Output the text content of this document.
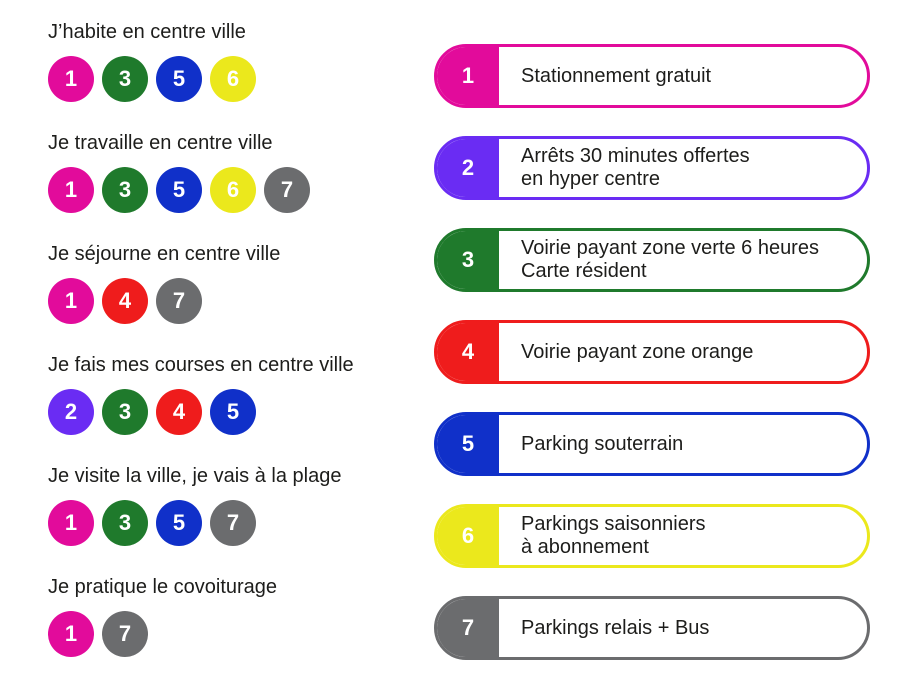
J’habite en centre ville

1	3	5	6

Je travaille en centre ville

1	3	5	6	7

Je séjourne en centre ville

1	4	7

Je fais mes courses en centre ville

2	3	4	5

Je visite la ville, je vais à la plage

1	3	5	7

Je pratique le covoiturage

1	7
1	Stationnement gratuit
2	Arrêts 30 minutes offertes
en hyper centre
3	Voirie payant zone verte 6 heures
Carte résident
4	Voirie payant zone orange
5	Parking souterrain
6	Parkings saisonniers
à abonnement
7	Parkings relais + Bus
